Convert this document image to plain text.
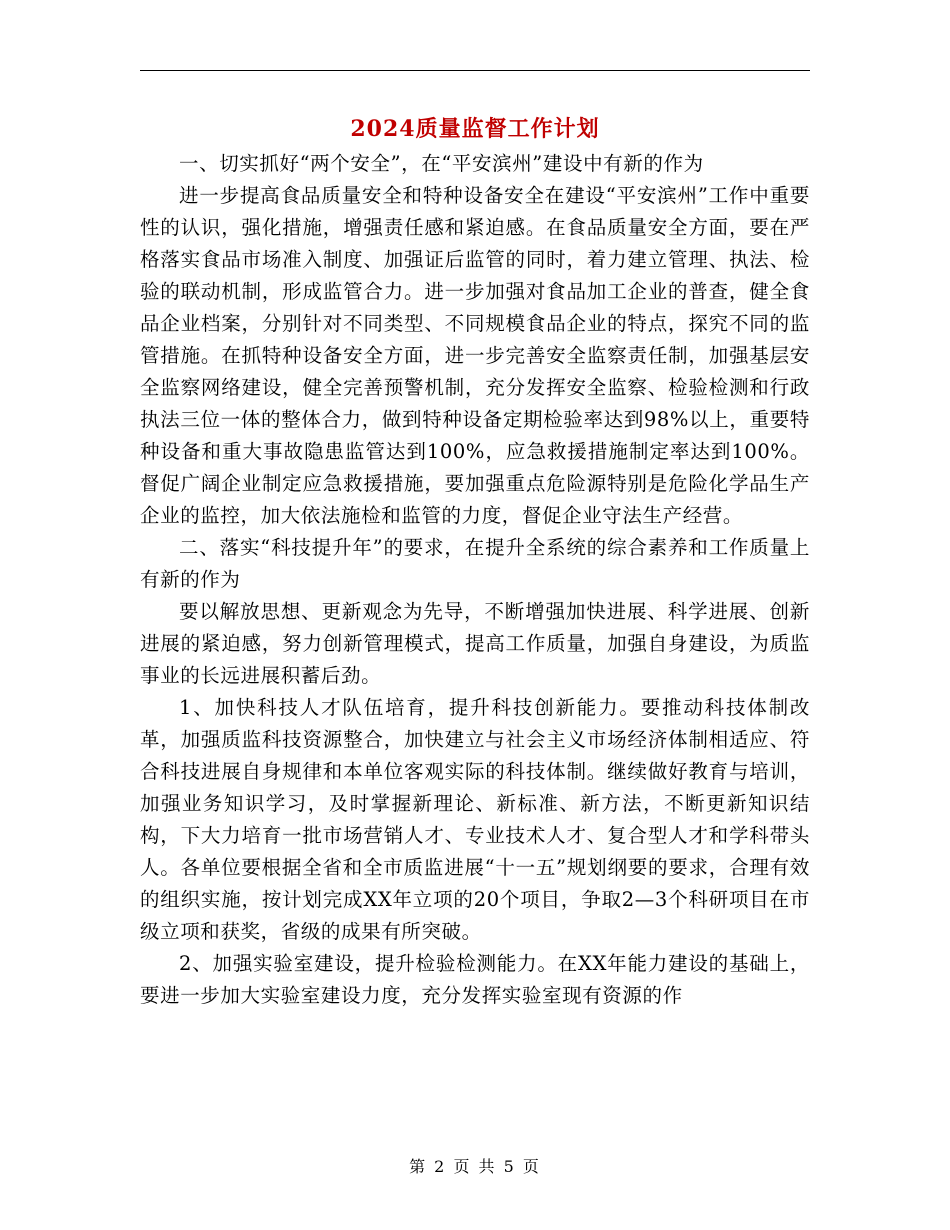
2024质量监督工作计划

一、切实抓好“两个安全”，在“平安滨州”建设中有新的作为

进一步提高食品质量安全和特种设备安全在建设“平安滨州”工作中重要性的认识，强化措施，增强责任感和紧迫感。在食品质量安全方面，要在严格落实食品市场准入制度、加强证后监管的同时，着力建立管理、执法、检验的联动机制，形成监管合力。进一步加强对食品加工企业的普查，健全食品企业档案，分别针对不同类型、不同规模食品企业的特点，探究不同的监管措施。在抓特种设备安全方面，进一步完善安全监察责任制，加强基层安全监察网络建设，健全完善预警机制，充分发挥安全监察、检验检测和行政执法三位一体的整体合力，做到特种设备定期检验率达到98%以上，重要特种设备和重大事故隐患监管达到100%，应急救援措施制定率达到100%。督促广阔企业制定应急救援措施，要加强重点危险源特别是危险化学品生产企业的监控，加大依法施检和监管的力度，督促企业守法生产经营。

二、落实“科技提升年”的要求，在提升全系统的综合素养和工作质量上有新的作为

要以解放思想、更新观念为先导，不断增强加快进展、科学进展、创新进展的紧迫感，努力创新管理模式，提高工作质量，加强自身建设，为质监事业的长远进展积蓄后劲。

1、加快科技人才队伍培育，提升科技创新能力。要推动科技体制改革，加强质监科技资源整合，加快建立与社会主义市场经济体制相适应、符合科技进展自身规律和本单位客观实际的科技体制。继续做好教育与培训，加强业务知识学习，及时掌握新理论、新标准、新方法，不断更新知识结构，下大力培育一批市场营销人才、专业技术人才、复合型人才和学科带头人。各单位要根据全省和全市质监进展“十一五”规划纲要的要求，合理有效的组织实施，按计划完成XX年立项的20个项目，争取2—3个科研项目在市级立项和获奖，省级的成果有所突破。

2、加强实验室建设，提升检验检测能力。在XX年能力建设的基础上，要进一步加大实验室建设力度，充分发挥实验室现有资源的作

第 2 页 共 5 页
